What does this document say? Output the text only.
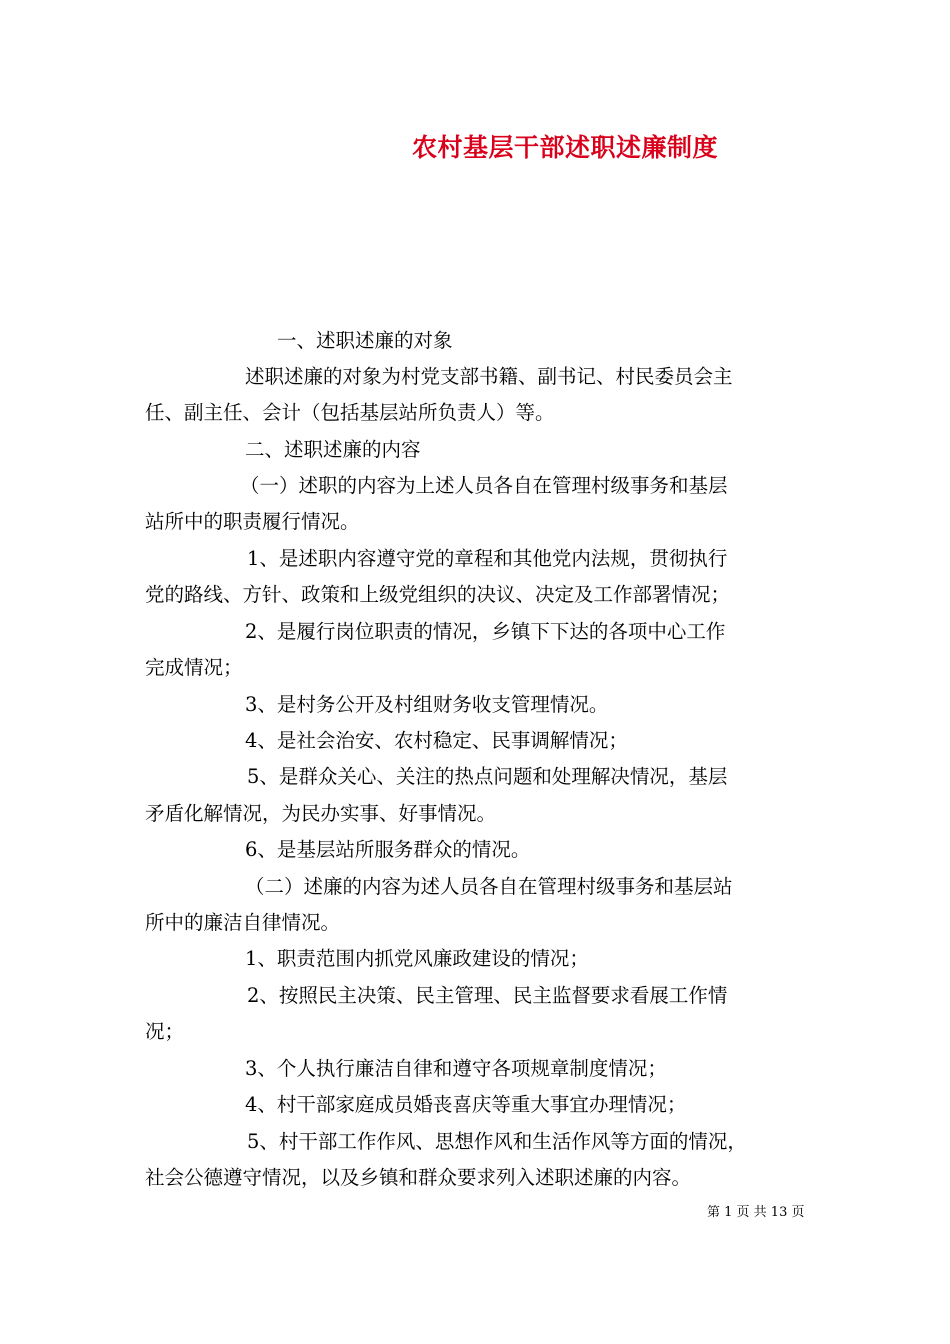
农村基层干部述职述廉制度
一、述职述廉的对象
述职述廉的对象为村党支部书籍、副书记、村民委员会主
任、副主任、会计（包括基层站所负责人）等。
二、述职述廉的内容
（一）述职的内容为上述人员各自在管理村级事务和基层
站所中的职责履行情况。
1、是述职内容遵守党的章程和其他党内法规，贯彻执行
党的路线、方针、政策和上级党组织的决议、决定及工作部署情况；
2、是履行岗位职责的情况，乡镇下下达的各项中心工作
完成情况；
3、是村务公开及村组财务收支管理情况。
4、是社会治安、农村稳定、民事调解情况；
5、是群众关心、关注的热点问题和处理解决情况，基层
矛盾化解情况，为民办实事、好事情况。
6、是基层站所服务群众的情况。
（二）述廉的内容为述人员各自在管理村级事务和基层站
所中的廉洁自律情况。
1、职责范围内抓党风廉政建设的情况；
2、按照民主决策、民主管理、民主监督要求看展工作情
况；
3、个人执行廉洁自律和遵守各项规章制度情况；
4、村干部家庭成员婚丧喜庆等重大事宜办理情况；
5、村干部工作作风、思想作风和生活作风等方面的情况，
社会公德遵守情况，以及乡镇和群众要求列入述职述廉的内容。
第 1 页 共 13 页
